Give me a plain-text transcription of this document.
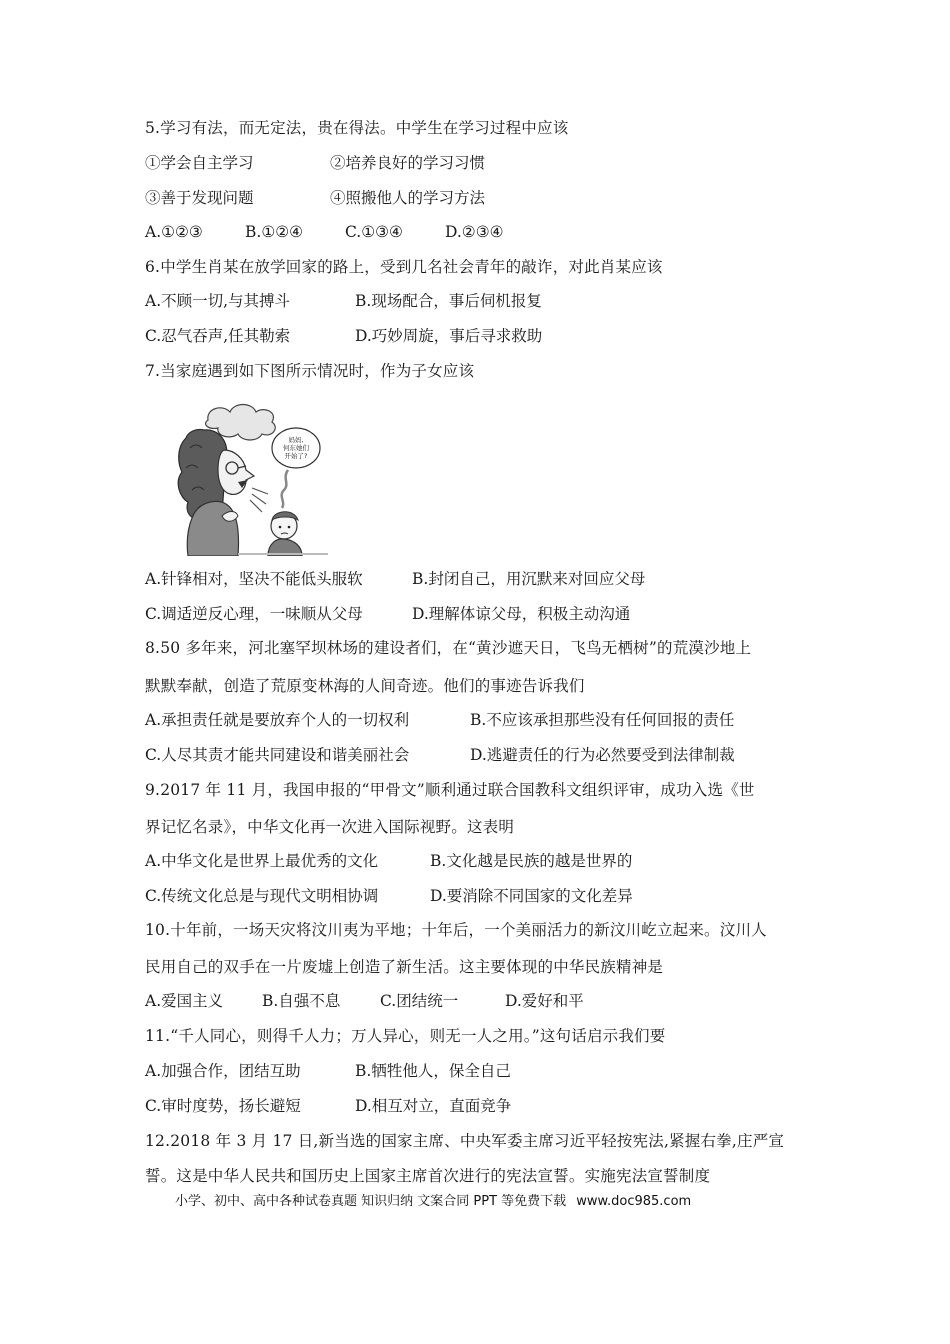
5.学习有法，而无定法，贵在得法。中学生在学习过程中应该
①学会自主学习	②培养良好的学习习惯
③善于发现问题	④照搬他人的学习方法
A.①②③	B.①②④	C.①③④	D.②③④
6.中学生肖某在放学回家的路上，受到几名社会青年的敲诈，对此肖某应该
A.不顾一切,与其搏斗	B.现场配合，事后伺机报复
C.忍气吞声,任其勒索	D.巧妙周旋，事后寻求救助
7.当家庭遇到如下图所示情况时，作为子女应该
妈妈,
何东她们
开始了?
A.针锋相对，坚决不能低头服软	B.封闭自己，用沉默来对回应父母
C.调适逆反心理，一味顺从父母	D.理解体谅父母，积极主动沟通
8.50 多年来，河北塞罕坝林场的建设者们，在“黄沙遮天日，飞鸟无栖树”的荒漠沙地上
默默奉献，创造了荒原变林海的人间奇迹。他们的事迹告诉我们
A.承担责任就是要放弃个人的一切权利	B.不应该承担那些没有任何回报的责任
C.人尽其责才能共同建设和谐美丽社会	D.逃避责任的行为必然要受到法律制裁
9.2017 年 11 月，我国申报的“甲骨文”顺利通过联合国教科文组织评审，成功入选《世
界记忆名录》，中华文化再一次进入国际视野。这表明
A.中华文化是世界上最优秀的文化	B.文化越是民族的越是世界的
C.传统文化总是与现代文明相协调	D.要消除不同国家的文化差异
10.十年前，一场天灾将汶川夷为平地；十年后，一个美丽活力的新汶川屹立起来。汶川人
民用自己的双手在一片废墟上创造了新生活。这主要体现的中华民族精神是
A.爱国主义	B.自强不息	C.团结统一	D.爱好和平
11.“千人同心，则得千人力；万人异心，则无一人之用。”这句话启示我们要
A.加强合作，团结互助	B.牺牲他人，保全自己
C.审时度势，扬长避短	D.相互对立，直面竞争
12.2018 年 3 月 17 日,新当选的国家主席、中央军委主席习近平轻按宪法,紧握右拳,庄严宣
誓。这是中华人民共和国历史上国家主席首次进行的宪法宣誓。实施宪法宣誓制度
小学、初中、高中各种试卷真题 知识归纳 文案合同 PPT 等免费下载 www.doc985.com
